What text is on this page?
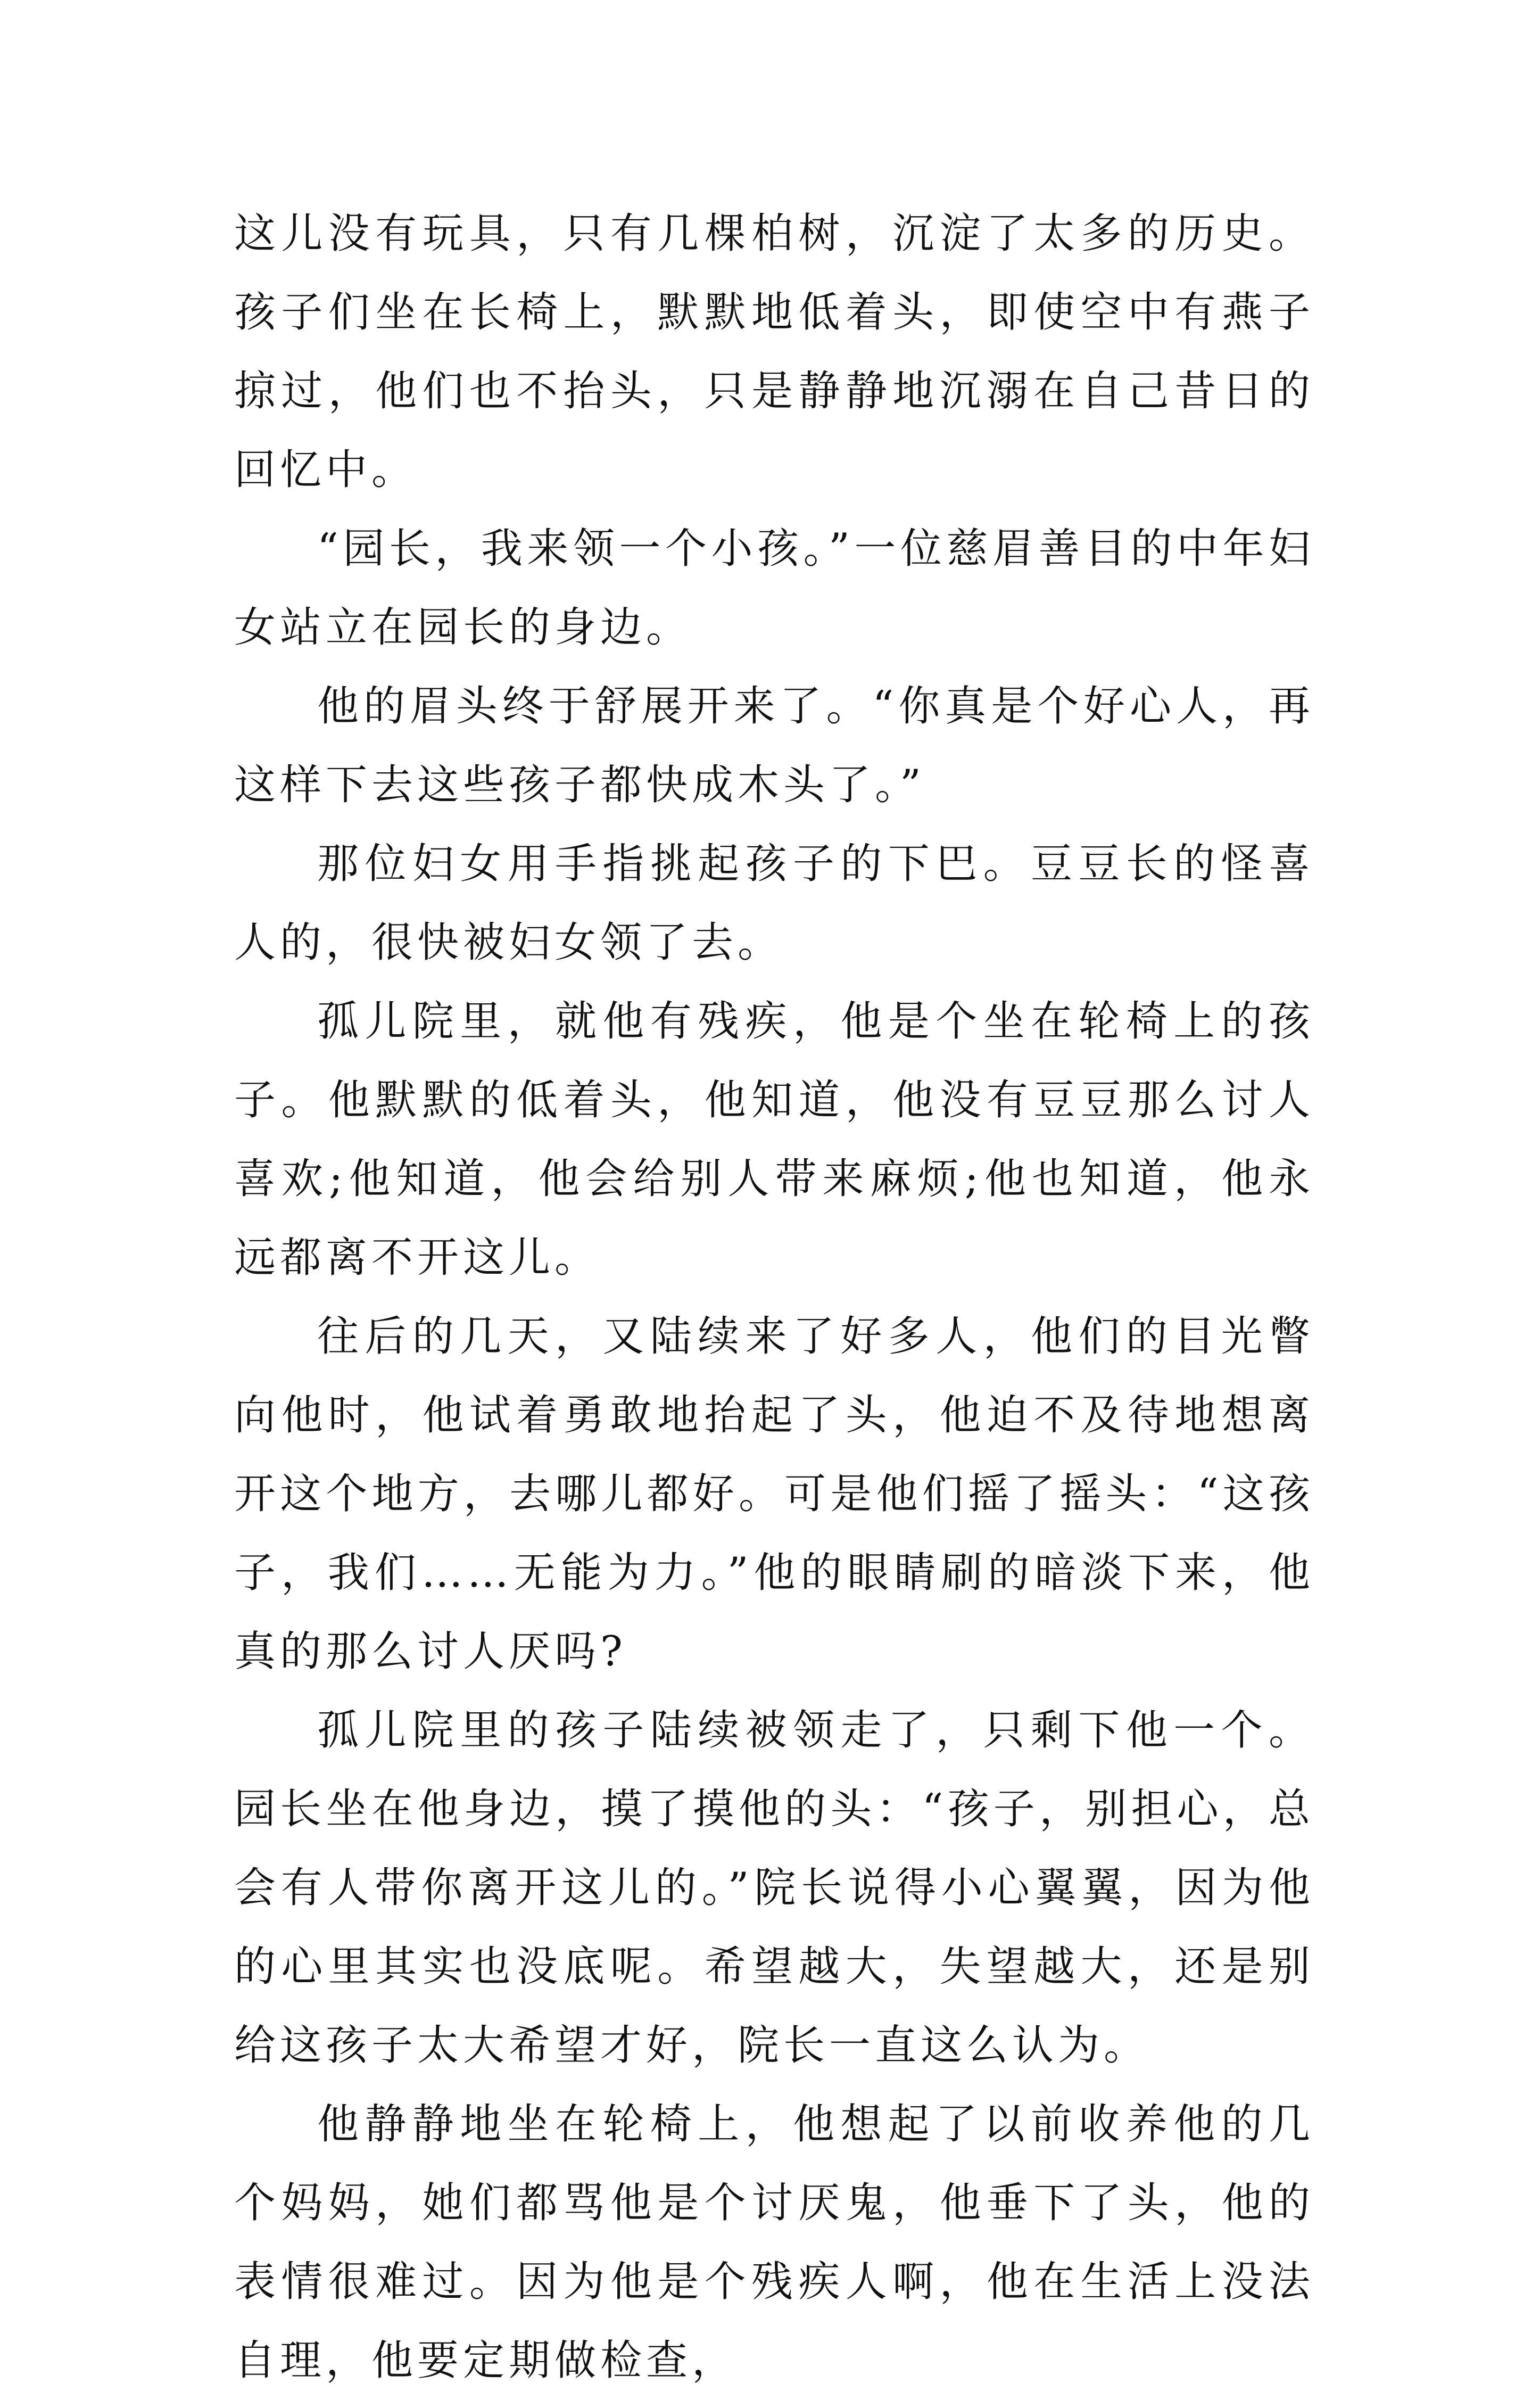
这儿没有玩具，只有几棵柏树，沉淀了太多的历史。孩子们坐在长椅上，默默地低着头，即使空中有燕子掠过，他们也不抬头，只是静静地沉溺在自己昔日的回忆中。

“园长，我来领一个小孩。”一位慈眉善目的中年妇女站立在园长的身边。

他的眉头终于舒展开来了。“你真是个好心人，再这样下去这些孩子都快成木头了。”

那位妇女用手指挑起孩子的下巴。豆豆长的怪喜人的，很快被妇女领了去。

孤儿院里，就他有残疾，他是个坐在轮椅上的孩子。他默默的低着头，他知道，他没有豆豆那么讨人喜欢;他知道，他会给别人带来麻烦;他也知道，他永远都离不开这儿。

往后的几天，又陆续来了好多人，他们的目光瞥向他时，他试着勇敢地抬起了头，他迫不及待地想离开这个地方，去哪儿都好。可是他们摇了摇头：“这孩子，我们……无能为力。”他的眼睛刷的暗淡下来，他真的那么讨人厌吗?

孤儿院里的孩子陆续被领走了，只剩下他一个。园长坐在他身边，摸了摸他的头：“孩子，别担心，总会有人带你离开这儿的。”院长说得小心翼翼，因为他的心里其实也没底呢。希望越大，失望越大，还是别给这孩子太大希望才好，院长一直这么认为。

他静静地坐在轮椅上，他想起了以前收养他的几个妈妈，她们都骂他是个讨厌鬼，他垂下了头，他的表情很难过。因为他是个残疾人啊，他在生活上没法自理，他要定期做检查，
